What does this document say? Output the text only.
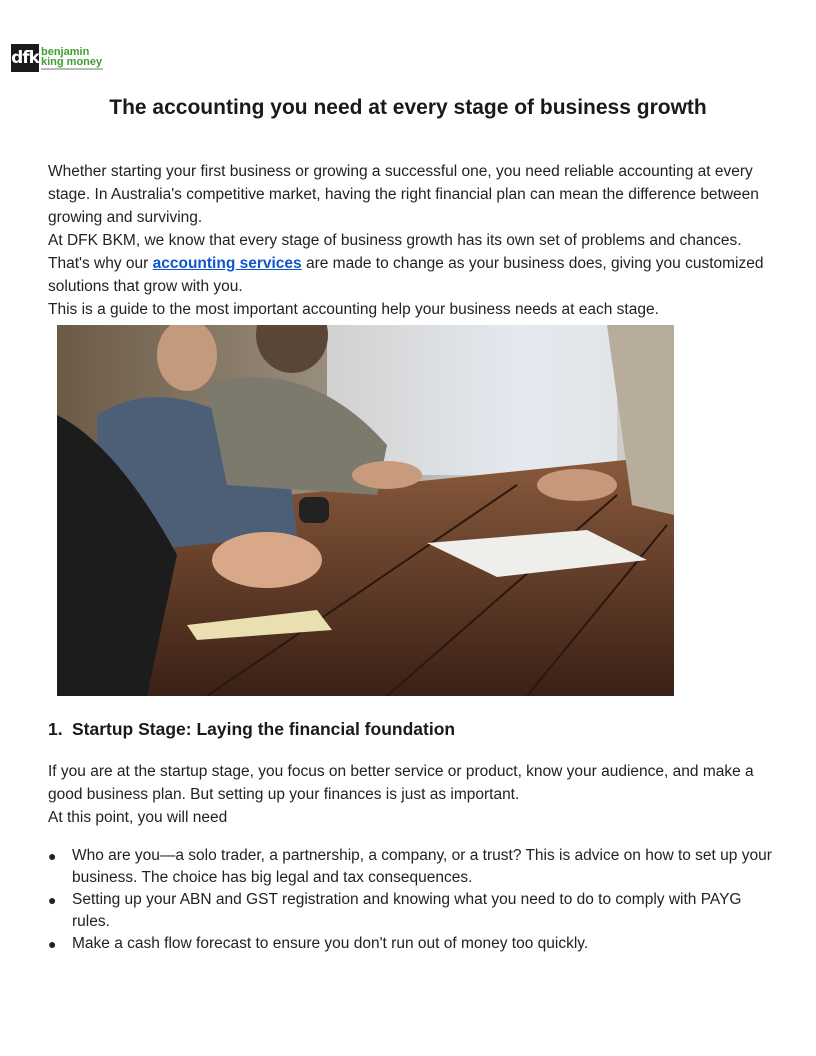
dfk benjamin
king money
The accounting you need at every stage of business growth

Whether starting your first business or growing a successful one, you need reliable accounting at every stage. In Australia's competitive market, having the right financial plan can mean the difference between growing and surviving.

At DFK BKM, we know that every stage of business growth has its own set of problems and chances. That's why our accounting services are made to change as your business does, giving you customized solutions that grow with you.

This is a guide to the most important accounting help your business needs at each stage.

1. Startup Stage: Laying the financial foundation

If you are at the startup stage, you focus on better service or product, know your audience, and make a good business plan. But setting up your finances is just as important.

At this point, you will need

● Who are you—a solo trader, a partnership, a company, or a trust? This is advice on how to set up your business. The choice has big legal and tax consequences.
● Setting up your ABN and GST registration and knowing what you need to do to comply with PAYG rules.
● Make a cash flow forecast to ensure you don't run out of money too quickly.
